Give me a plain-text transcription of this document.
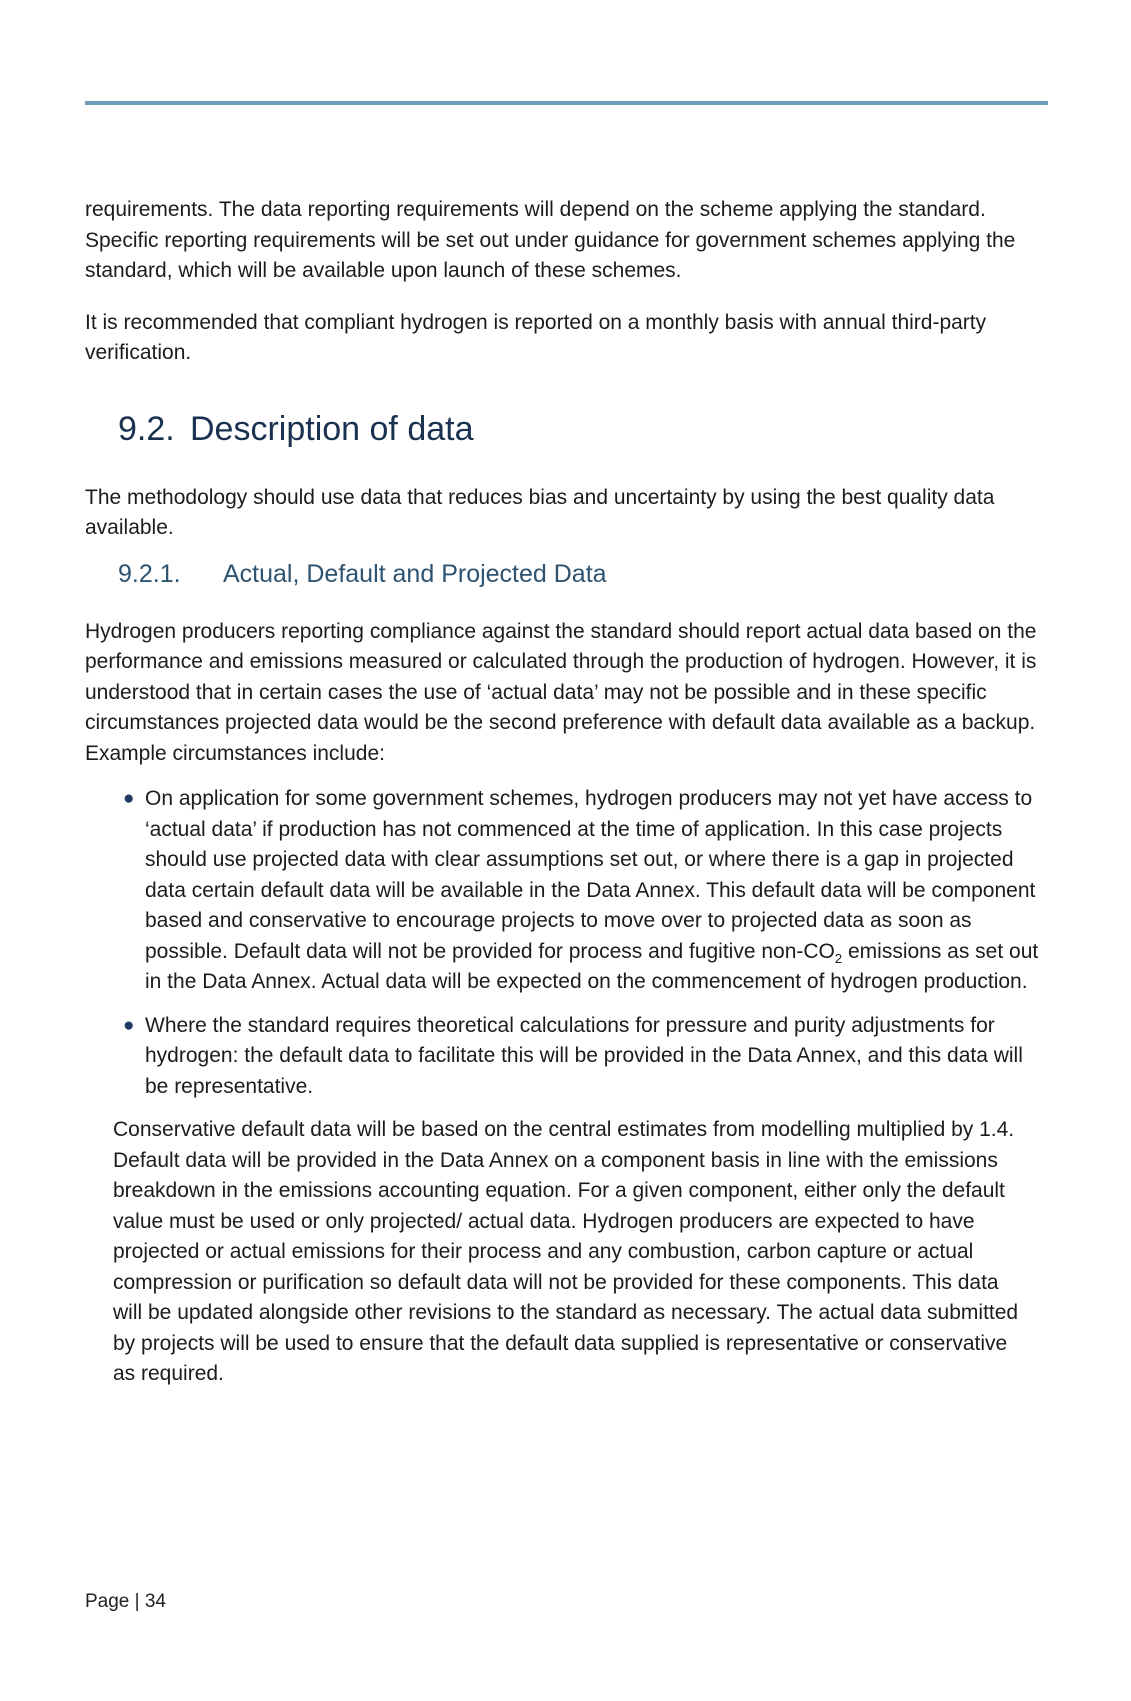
requirements. The data reporting requirements will depend on the scheme applying the standard. Specific reporting requirements will be set out under guidance for government schemes applying the standard, which will be available upon launch of these schemes.

It is recommended that compliant hydrogen is reported on a monthly basis with annual third-party verification.

9.2. Description of data

The methodology should use data that reduces bias and uncertainty by using the best quality data available.

9.2.1.	Actual, Default and Projected Data

Hydrogen producers reporting compliance against the standard should report actual data based on the performance and emissions measured or calculated through the production of hydrogen. However, it is understood that in certain cases the use of ‘actual data’ may not be possible and in these specific circumstances projected data would be the second preference with default data available as a backup. Example circumstances include:

● On application for some government schemes, hydrogen producers may not yet have access to ‘actual data’ if production has not commenced at the time of application. In this case projects should use projected data with clear assumptions set out, or where there is a gap in projected data certain default data will be available in the Data Annex. This default data will be component based and conservative to encourage projects to move over to projected data as soon as possible. Default data will not be provided for process and fugitive non-$CO_2$ emissions as set out in the Data Annex. Actual data will be expected on the commencement of hydrogen production.
● Where the standard requires theoretical calculations for pressure and purity adjustments for hydrogen: the default data to facilitate this will be provided in the Data Annex, and this data will be representative.

Conservative default data will be based on the central estimates from modelling multiplied by 1.4.  Default data will be provided in the Data Annex on a component basis in line with the emissions breakdown in the emissions accounting equation. For a given component, either only the default value must be used or only projected/ actual data. Hydrogen producers are expected to have projected or actual emissions for their process and any combustion, carbon capture or actual compression or purification so default data will not be provided for these components. This data will be updated alongside other revisions to the standard as necessary. The actual data submitted by projects will be used to ensure that the default data supplied is representative or conservative as required.

Page | 34
